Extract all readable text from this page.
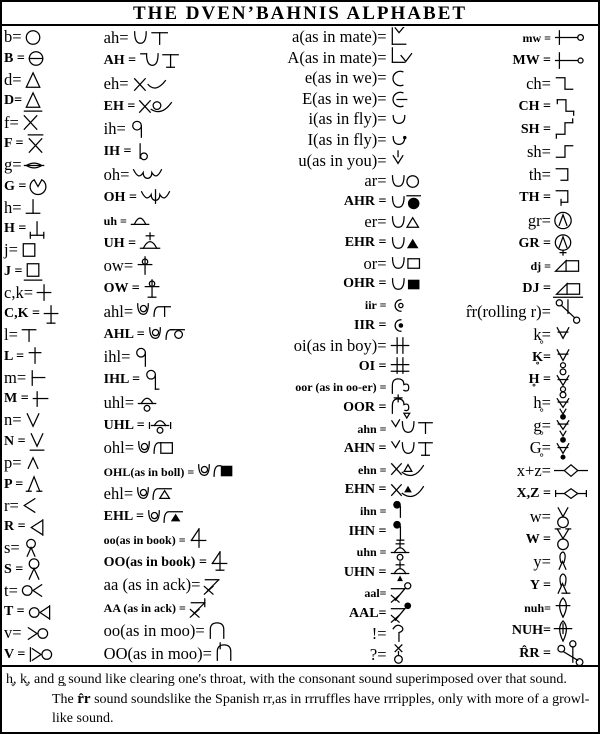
THE DVEN’BAHNIS ALPHABET
b=
B =
d=
D=
f=
F =
g=
G =
h=
H =
j=
J =
c,k=
C,K =
l=
L =
m=
M =
n=
N =
p=
P =
r=
R =
s=
S =
t=
T =
v=
V =
ah=
AH =
eh=
EH =
ih=
IH =
oh=
OH =
uh =
UH =
ow=
OW =
ahl=
AHL =
ihl=
IHL =
uhl=
UHL =
ohl=
OHL(as in boll) =
ehl=
EHL =
oo(as in book) =
OO(as in book) =
aa (as in ack)=
AA (as in ack) =
oo(as in moo)=
OO(as in moo)=
a(as in mate)=
A(as in mate)=
e(as in we)=
E(as in we)=
i(as in fly)=
I(as in fly)=
u(as in you)=
ar=
AHR =
er=
EHR =
or=
OHR =
iir =
IIR =
oi(as in boy)=
OI =
oor (as in oo-er) =
OOR =
ahn =
AHN =
ehn =
EHN =
ihn =
IHN =
uhn =
UHN =
aal=
AAL=
!=
?=
mw =
MW =
ch=
CH =
SH =
sh=
th=
TH =
gr=
GR =
dj =
DJ =
r̂r(rolling r)=
k̥=
K̥=
H̥ =
h̥=
g̥=
G̥=
x+z=
X,Z =
w=
W =
y=
Y =
nuh=
NUH=
R̂R =
h̥, k̥, and g̥ sound like clearing one's throat, with the consonant sound superimposed over that sound. The r̂r sound soundslike the Spanish rr,as in rrruffles have rrripples, only with more of a growl-like sound.
